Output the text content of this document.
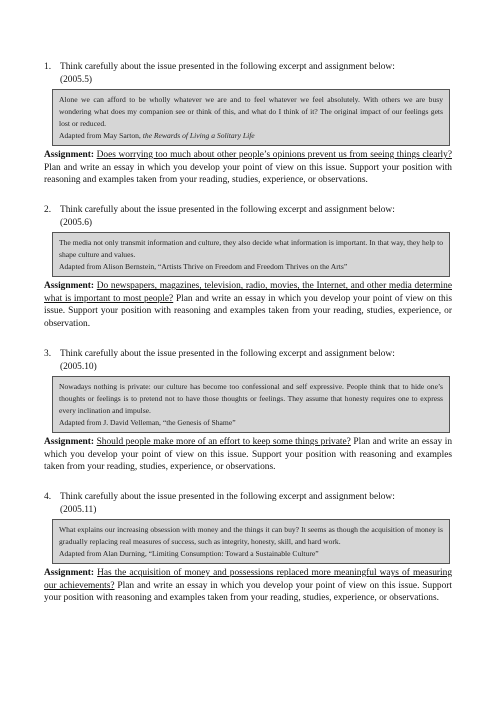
1. Think carefully about the issue presented in the following excerpt and assignment below:
(2005.5)
Alone we can afford to be wholly whatever we are and to feel whatever we feel absolutely. With others we are busy wondering what does my companion see or think of this, and what do I think of it? The original impact of our feelings gets lost or reduced.
Adapted from May Sarton, the Rewards of Living a Solitary Life
Assignment: Does worrying too much about other people’s opinions prevent us from seeing things clearly? Plan and write an essay in which you develop your point of view on this issue. Support your position with reasoning and examples taken from your reading, studies, experience, or observations.
2. Think carefully about the issue presented in the following excerpt and assignment below:
(2005.6)
The media not only transmit information and culture, they also decide what information is important. In that way, they help to shape culture and values.
Adapted from Alison Bernstein, “Artists Thrive on Freedom and Freedom Thrives on the Arts”
Assignment: Do newspapers, magazines, television, radio, movies, the Internet, and other media determine what is important to most people? Plan and write an essay in which you develop your point of view on this issue. Support your position with reasoning and examples taken from your reading, studies, experience, or observation.
3. Think carefully about the issue presented in the following excerpt and assignment below:
(2005.10)
Nowadays nothing is private: our culture has become too confessional and self expressive. People think that to hide one’s thoughts or feelings is to pretend not to have those thoughts or feelings. They assume that honesty requires one to express every inclination and impulse.
Adapted from J. David Velleman, “the Genesis of Shame”
Assignment: Should people make more of an effort to keep some things private? Plan and write an essay in which you develop your point of view on this issue. Support your position with reasoning and examples taken from your reading, studies, experience, or observations.
4. Think carefully about the issue presented in the following excerpt and assignment below:
(2005.11)
What explains our increasing obsession with money and the things it can buy? It seems as though the acquisition of money is gradually replacing real measures of success, such as integrity, honesty, skill, and hard work.
Adapted from Alan Durning, “Limiting Consumption: Toward a Sustainable Culture”
Assignment: Has the acquisition of money and possessions replaced more meaningful ways of measuring our achievements? Plan and write an essay in which you develop your point of view on this issue. Support your position with reasoning and examples taken from your reading, studies, experience, or observations.
